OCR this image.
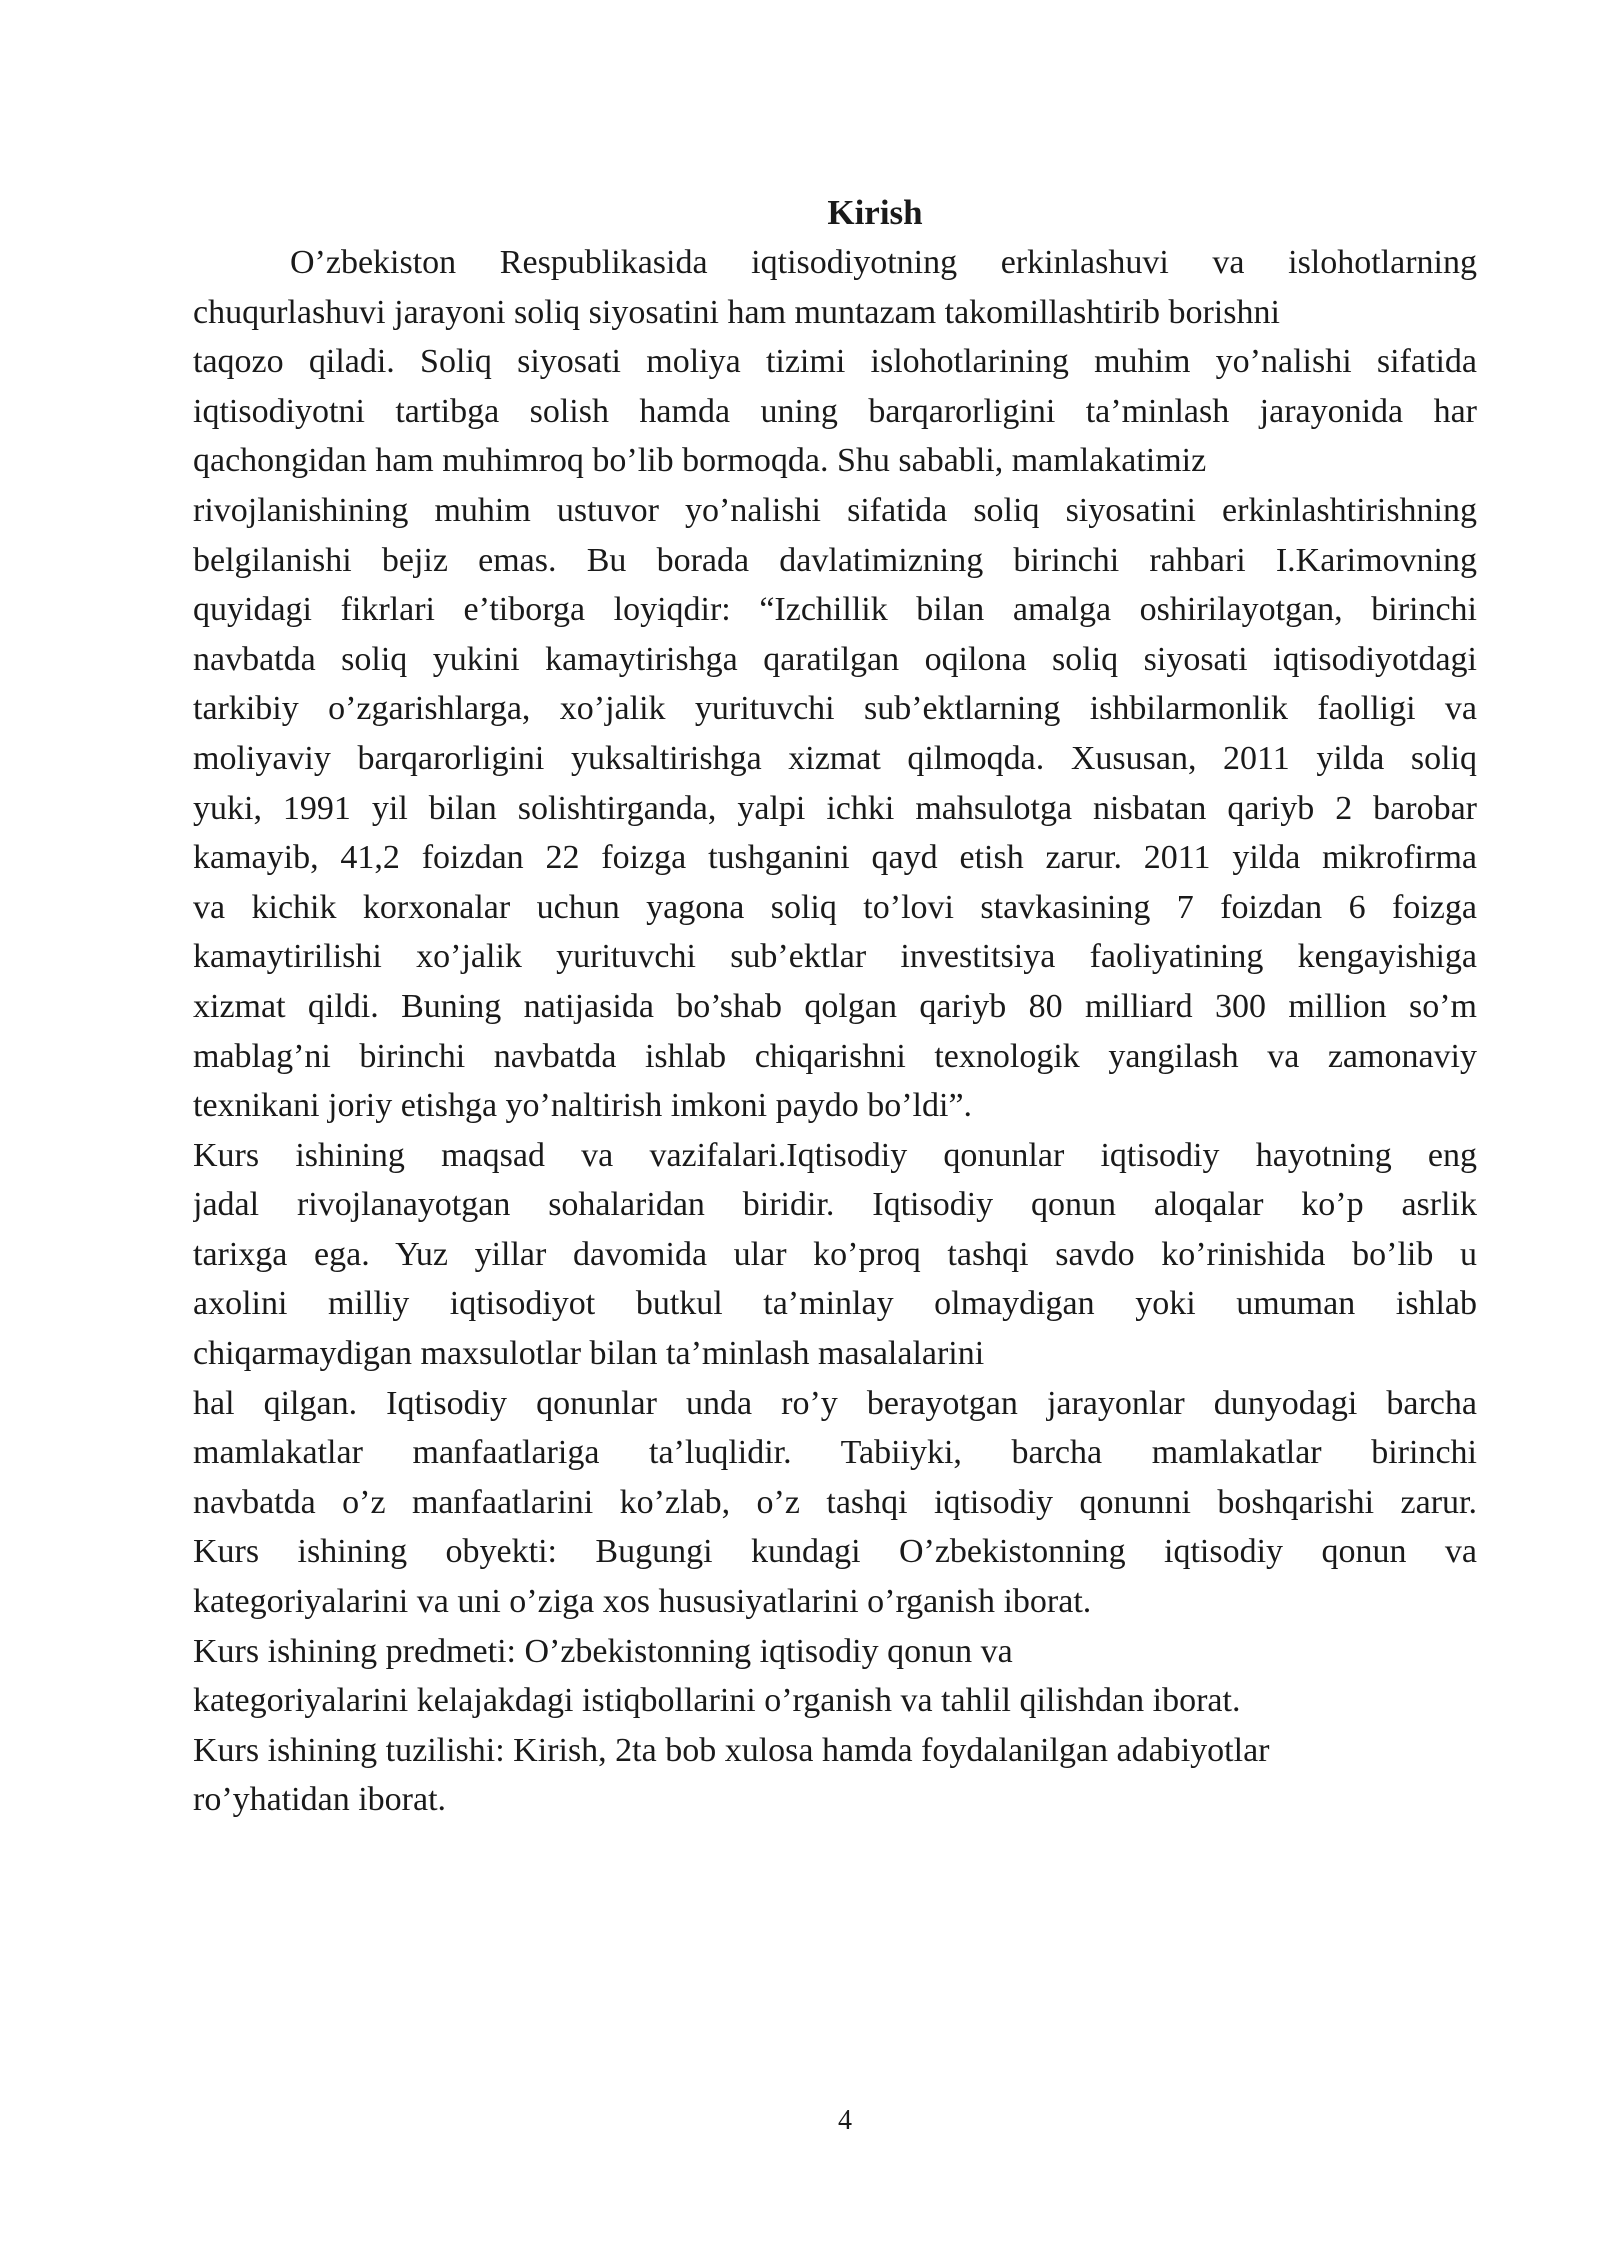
Kirish
O’zbekiston Respublikasida iqtisodiyotning erkinlashuvi va islohotlarning
chuqurlashuvi jarayoni soliq siyosatini ham muntazam takomillashtirib borishni
taqozo qiladi. Soliq siyosati moliya tizimi islohotlarining muhim yo’nalishi sifatida
iqtisodiyotni tartibga solish hamda uning barqarorligini ta’minlash jarayonida har
qachongidan ham muhimroq bo’lib bormoqda. Shu sababli, mamlakatimiz
rivojlanishining muhim ustuvor yo’nalishi sifatida soliq siyosatini erkinlashtirishning
belgilanishi bejiz emas. Bu borada davlatimizning birinchi rahbari I.Karimovning
quyidagi fikrlari e’tiborga loyiqdir: “Izchillik bilan amalga oshirilayotgan, birinchi
navbatda soliq yukini kamaytirishga qaratilgan oqilona soliq siyosati iqtisodiyotdagi
tarkibiy o’zgarishlarga, xo’jalik yurituvchi sub’ektlarning ishbilarmonlik faolligi va
moliyaviy barqarorligini yuksaltirishga xizmat qilmoqda. Xususan, 2011 yilda soliq
yuki, 1991 yil bilan solishtirganda, yalpi ichki mahsulotga nisbatan qariyb 2 barobar
kamayib, 41,2 foizdan 22 foizga tushganini qayd etish zarur. 2011 yilda mikrofirma
va kichik korxonalar uchun yagona soliq to’lovi stavkasining 7 foizdan 6 foizga
kamaytirilishi xo’jalik yurituvchi sub’ektlar investitsiya faoliyatining kengayishiga
xizmat qildi. Buning natijasida bo’shab qolgan qariyb 80 milliard 300 million so’m
mablag’ni birinchi navbatda ishlab chiqarishni texnologik yangilash va zamonaviy
texnikani joriy etishga yo’naltirish imkoni paydo bo’ldi”.
Kurs ishining maqsad va vazifalari.Iqtisodiy qonunlar iqtisodiy hayotning eng
jadal rivojlanayotgan sohalaridan biridir. Iqtisodiy qonun aloqalar ko’p asrlik
tarixga ega. Yuz yillar davomida ular ko’proq tashqi savdo ko’rinishida bo’lib u
axolini milliy iqtisodiyot butkul ta’minlay olmaydigan yoki umuman ishlab
chiqarmaydigan maxsulotlar bilan ta’minlash masalalarini
hal qilgan. Iqtisodiy qonunlar unda ro’y berayotgan jarayonlar dunyodagi barcha
mamlakatlar manfaatlariga ta’luqlidir. Tabiiyki, barcha mamlakatlar birinchi
navbatda o’z manfaatlarini ko’zlab, o’z tashqi iqtisodiy qonunni boshqarishi zarur.
Kurs ishining obyekti: Bugungi kundagi O’zbekistonning iqtisodiy qonun va
kategoriyalarini va uni o’ziga xos hususiyatlarini o’rganish iborat.
Kurs ishining predmeti: O’zbekistonning iqtisodiy qonun va
kategoriyalarini kelajakdagi istiqbollarini o’rganish va tahlil qilishdan iborat.
Kurs ishining tuzilishi: Kirish, 2ta bob xulosa hamda foydalanilgan adabiyotlar
ro’yhatidan iborat.
4
